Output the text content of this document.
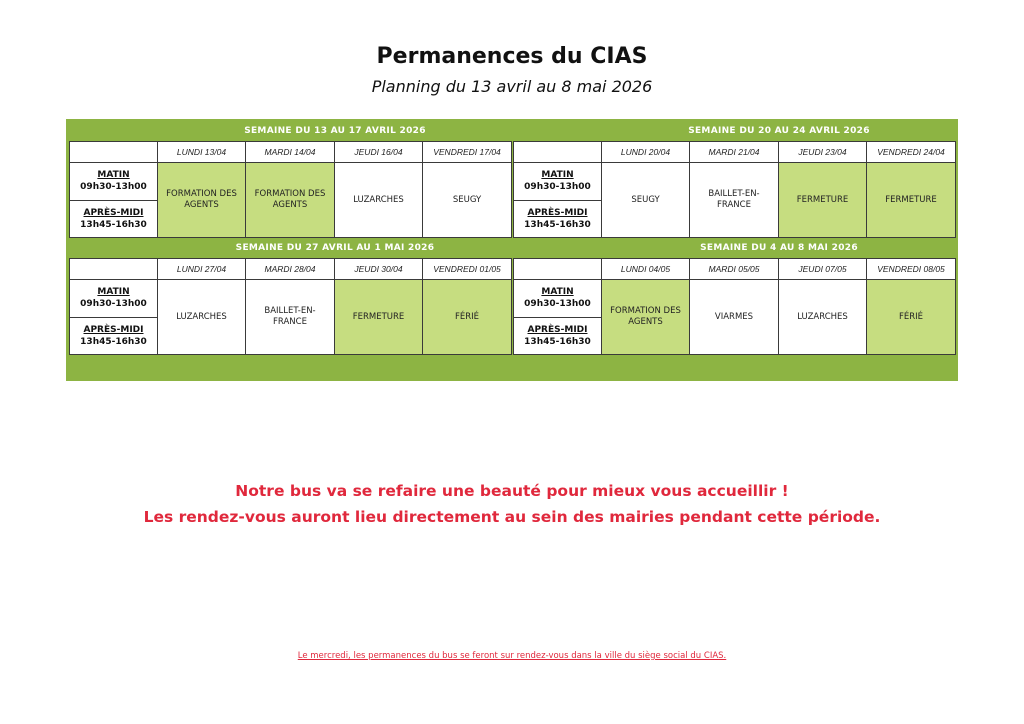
Permanences du CIAS
Planning du 13 avril au 8 mai 2026
SEMAINE DU 13 AU 17 AVRIL 2026
	LUNDI 13/04	MARDI 14/04	JEUDI 16/04	VENDREDI 17/04

MATIN
09h30-13h00	FORMATION DES AGENTS	FORMATION DES AGENTS	LUZARCHES	SEUGY

APRÈS-MIDI
13h45-16h30				
SEMAINE DU 20 AU 24 AVRIL 2026
	LUNDI 20/04	MARDI 21/04	JEUDI 23/04	VENDREDI 24/04

MATIN
09h30-13h00	SEUGY	BAILLET-EN-FRANCE	FERMETURE	FERMETURE

APRÈS-MIDI
13h45-16h30				
SEMAINE DU 27 AVRIL AU 1 MAI 2026
	LUNDI 27/04	MARDI 28/04	JEUDI 30/04	VENDREDI 01/05

MATIN
09h30-13h00	LUZARCHES	BAILLET-EN-FRANCE	FERMETURE	FÉRIÉ

APRÈS-MIDI
13h45-16h30				
SEMAINE DU 4 AU 8 MAI 2026
	LUNDI 04/05	MARDI 05/05	JEUDI 07/05	VENDREDI 08/05

MATIN
09h30-13h00	FORMATION DES AGENTS	VIARMES	LUZARCHES	FÉRIÉ

APRÈS-MIDI
13h45-16h30				
Notre bus va se refaire une beauté pour mieux vous accueillir !
Les rendez-vous auront lieu directement au sein des mairies pendant cette période.
Le mercredi, les permanences du bus se feront sur rendez-vous dans la ville du siège social du CIAS.
